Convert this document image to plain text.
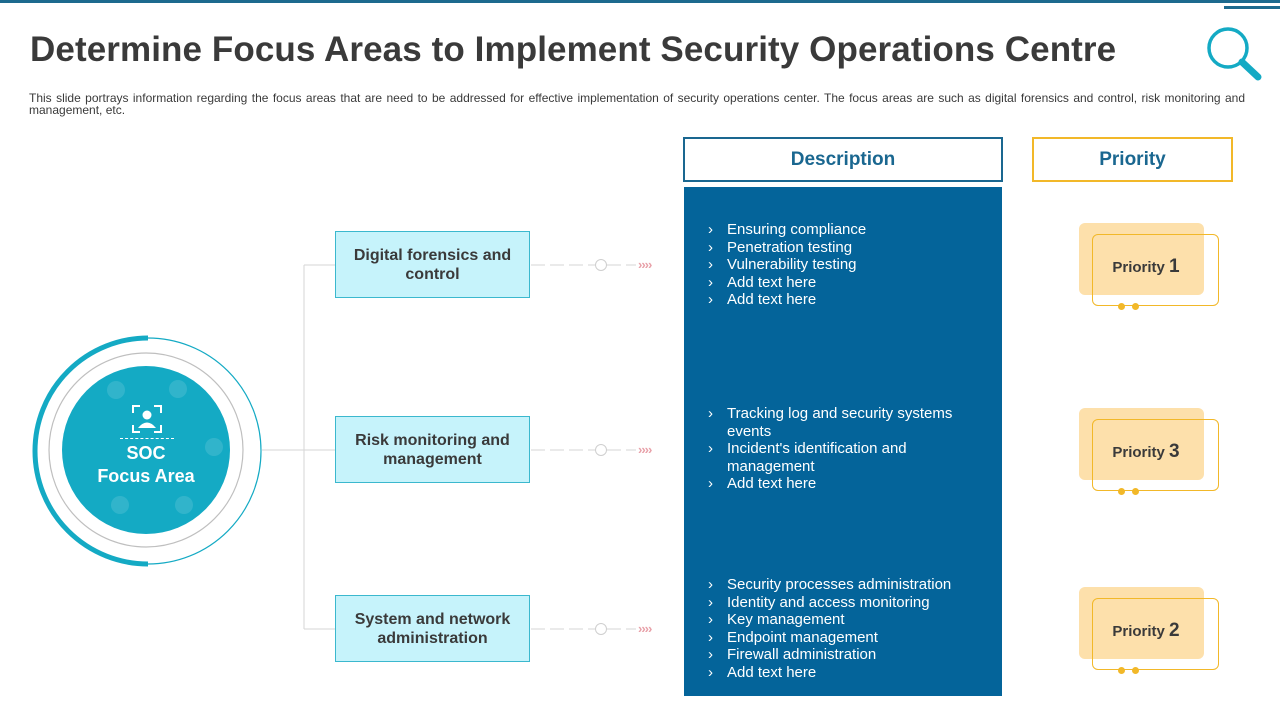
Determine Focus Areas to Implement Security Operations Centre
This slide portrays information regarding the focus areas that are need to be addressed for effective implementation of security operations center. The focus areas are such as digital forensics and control, risk monitoring and management, etc.
SOC
Focus Area
Digital forensics and control
Risk monitoring and management
System and network administration
››››
››››
››››
Description	Priority
› Ensuring compliance
› Penetration testing
› Vulnerability testing
› Add text here
› Add text here
› Tracking log and security systems events
› Incident's identification and management
› Add text here
› Security processes administration
› Identity and access monitoring
› Key management
› Endpoint management
› Firewall administration
› Add text here
Priority 1
Priority 3
Priority 2
